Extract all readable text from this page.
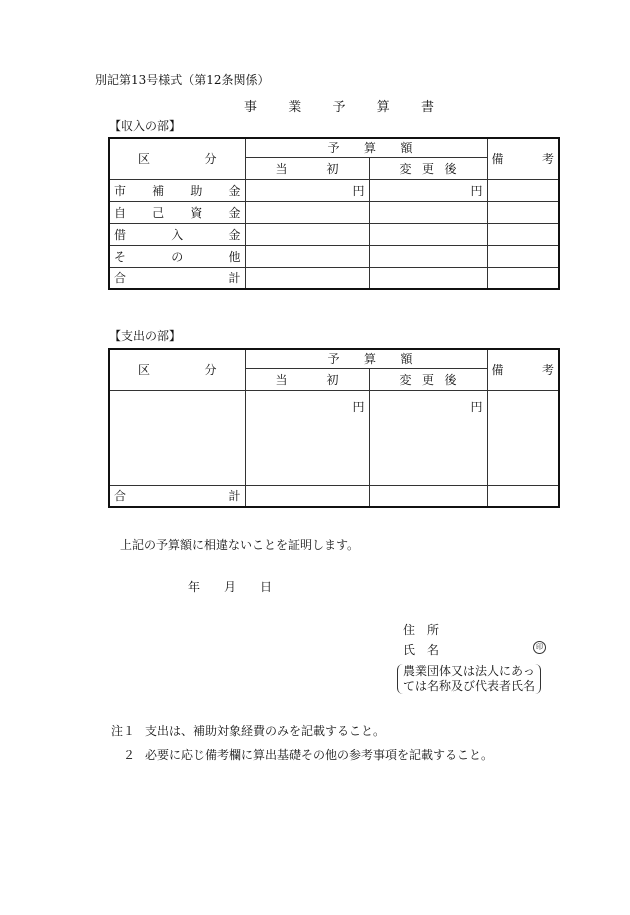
別記第13号様式（第12条関係）
事 業 予 算 書
【収入の部】
区 分	予 算 額		備 考

	当 初	変 更 後	

市 補 助 金	円	円	

自 己 資 金			

借 入 金			

そ の 他			

合 計			

【支出の部】
区 分	予 算 額		備 考

	当 初	変 更 後	

	円	円	

合 計			

上記の予算額に相違ないことを証明します。
年 月 日
住 所
氏 名	印
農業団体又は法人にあっ
ては名称及び代表者氏名
注１ 支出は、補助対象経費のみを記載すること。
２ 必要に応じ備考欄に算出基礎その他の参考事項を記載すること。
